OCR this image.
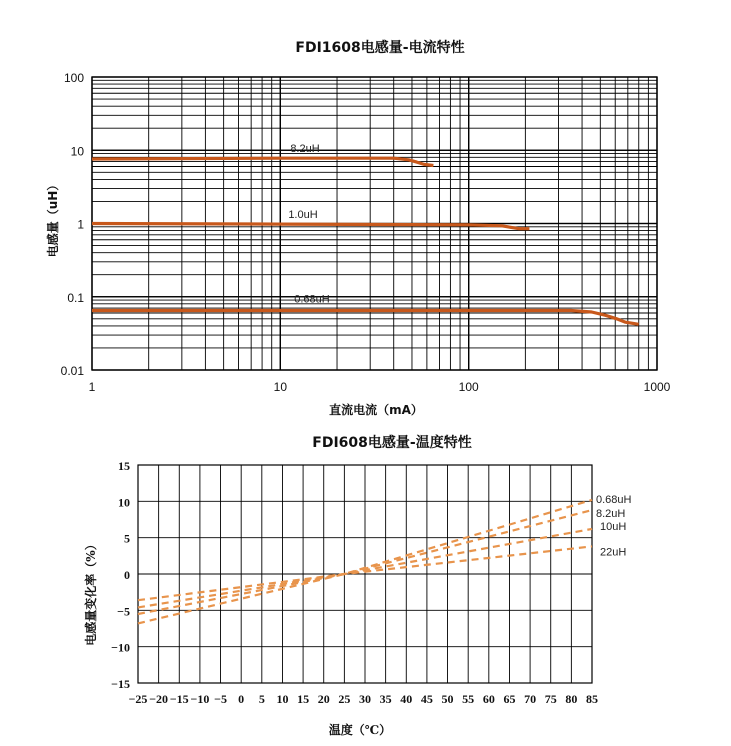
FDI1608电感量-电流特性
1	10	100	1000
100
10
1
0.1
0.01
8.2uH
1.0uH
0.68uH
直流电流（mA）
电感量（uH）
FDI608电感量-温度特性
−25 −20 −15 −10 −5 0 5 10 15 20 25 30 35 40 45 50 55 60 65 70 75 80 85
15
10
5
0
−5
−10
−15
0.68uH
8.2uH
10uH
22uH
温度（℃）
电感量变化率（%）
